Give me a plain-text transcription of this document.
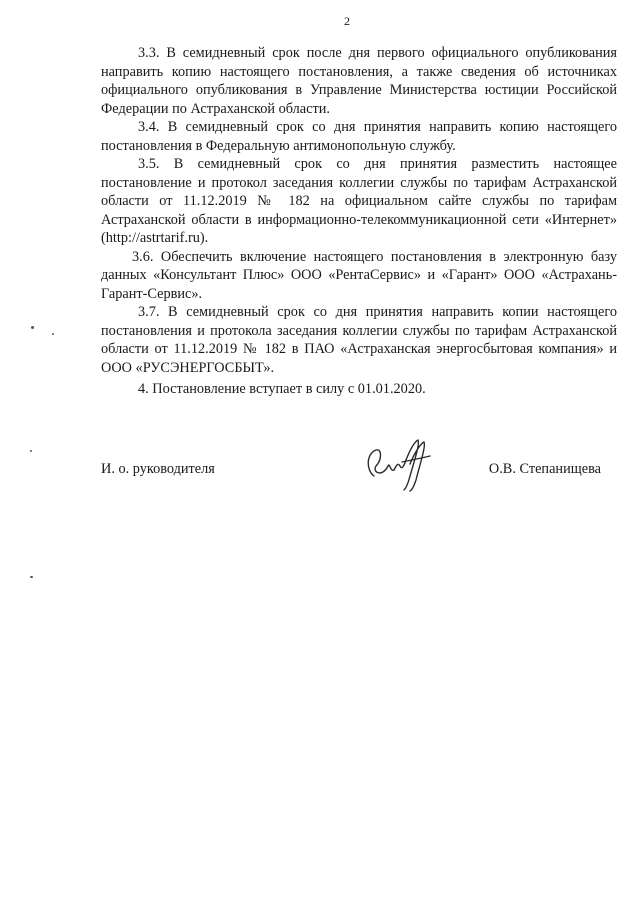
2

3.3. В семидневный срок после дня первого официального опубликования направить копию настоящего постановления, а также сведения об источниках официального опубликования в Управление Министерства юстиции Российской Федерации по Астраханской области.

3.4. В семидневный срок со дня принятия направить копию настоящего постановления в Федеральную антимонопольную службу.

3.5. В семидневный срок со дня принятия разместить настоящее постановление и протокол заседания коллегии службы по тарифам Астраханской области от 11.12.2019 № 182 на официальном сайте службы по тарифам Астраханской области в информационно-телекоммуникационной сети «Интернет» (http://astrtarif.ru).

3.6. Обеспечить включение настоящего постановления в электронную базу данных «Консультант Плюс» ООО «РентаСервис» и «Гарант» ООО «Астрахань-Гарант-Сервис».

3.7. В семидневный срок со дня принятия направить копии настоящего постановления и протокола заседания коллегии службы по тарифам Астраханской области от 11.12.2019 № 182 в ПАО «Астраханская энергосбытовая компания» и ООО «РУСЭНЕРГОСБЫТ».

4. Постановление вступает в силу с 01.01.2020.

И. о. руководителя	О.В. Степанищева
